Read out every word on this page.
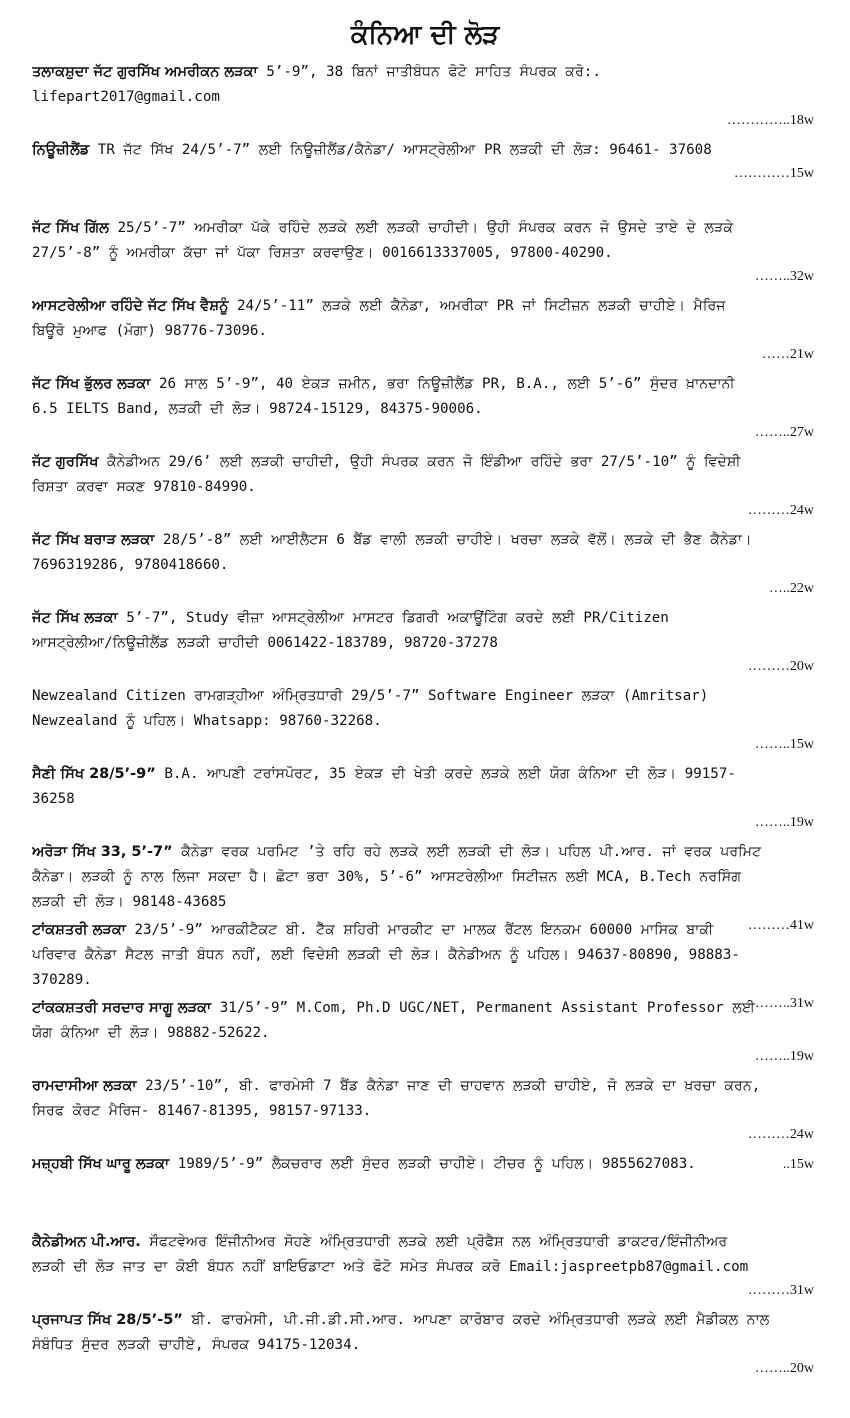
ਕੰਨਿਆ ਦੀ ਲੋੜ
ਤਲਾਕਸ਼ੁਦਾ ਜੱਟ ਗੁਰਸਿੱਖ ਅਮਰੀਕਨ ਲੜਕਾ 5’-9”, 38 ਬਿਨਾਂ ਜਾਤੀਬੰਧਨ ਫੋਟੋ ਸਾਹਿਤ ਸੰਪਰਕ ਕਰੋ:.
lifepart2017@gmail.com
…………..18w
ਨਿਊਜ਼ੀਲੈਂਡ TR ਜੱਟ ਸਿੱਖ 24/5’-7” ਲਈ ਨਿਊਜ਼ੀਲੈਂਡ/ਕੈਨੇਡਾ/ ਆਸਟ੍ਰੇਲੀਆ PR ਲੜਕੀ ਦੀ ਲੋੜ: 96461- 37608
…………15w
ਜੱਟ ਸਿੱਖ ਗਿੱਲ 25/5’-7” ਅਮਰੀਕਾ ਪੱਕੇ ਰਹਿੰਦੇ ਲੜਕੇ ਲਈ ਲੜਕੀ ਚਾਹੀਦੀ। ਉਹੀ ਸੰਪਰਕ ਕਰਨ ਜੋ ਉਸਦੇ ਤਾਏ ਦੇ ਲੜਕੇ
27/5’-8” ਨੂੰ ਅਮਰੀਕਾ ਕੱਚਾ ਜਾਂ ਪੱਕਾ ਰਿਸ਼ਤਾ ਕਰਵਾਉਣ। 0016613337005, 97800-40290.
……..32w
ਆਸਟਰੇਲੀਆ ਰਹਿੰਦੇ ਜੱਟ ਸਿੱਖ ਵੈਸ਼ਨੂੰ 24/5’-11” ਲੜਕੇ ਲਈ ਕੈਨੇਡਾ, ਅਮਰੀਕਾ PR ਜਾਂ ਸਿਟੀਜ਼ਨ ਲੜਕੀ ਚਾਹੀਏ। ਮੈਰਿਜ
ਬਿਊਰੋ ਮੁਆਫ (ਮੋਗਾ) 98776-73096.
……21w
ਜੱਟ ਸਿੱਖ ਭੁੱਲਰ ਲੜਕਾ 26 ਸਾਲ 5’-9”, 40 ਏਕੜ ਜ਼ਮੀਨ, ਭਰਾ ਨਿਊਜ਼ੀਲੈਂਡ PR, B.A., ਲਈ 5’-6” ਸੁੰਦਰ ਖ਼ਾਨਦਾਨੀ
6.5 IELTS Band, ਲੜਕੀ ਦੀ ਲੋੜ। 98724-15129, 84375-90006.
……..27w
ਜੱਟ ਗੁਰਸਿੱਖ ਕੈਨੇਡੀਅਨ 29/6’ ਲਈ ਲੜਕੀ ਚਾਹੀਦੀ, ਉਹੀ ਸੰਪਰਕ ਕਰਨ ਜੋ ਇੰਡੀਆ ਰਹਿੰਦੇ ਭਰਾ 27/5’-10” ਨੂੰ ਵਿਦੇਸ਼ੀ
ਰਿਸ਼ਤਾ ਕਰਵਾ ਸਕਣ 97810-84990.
………24w
ਜੱਟ ਸਿੱਖ ਬਰਾੜ ਲੜਕਾ 28/5’-8” ਲਈ ਆਈਲੈਟਸ 6 ਬੈਂਡ ਵਾਲੀ ਲੜਕੀ ਚਾਹੀਏ। ਖਰਚਾ ਲੜਕੇ ਵੱਲੋਂ। ਲੜਕੇ ਦੀ ਭੈਣ ਕੈਨੇਡਾ।
7696319286, 9780418660.
…..22w
ਜੱਟ ਸਿੱਖ ਲੜਕਾ 5’-7”, Study ਵੀਜ਼ਾ ਆਸਟ੍ਰੇਲੀਆ ਮਾਸਟਰ ਡਿਗਰੀ ਅਕਾਊਂਟਿੰਗ ਕਰਦੇ ਲਈ PR/Citizen
ਆਸਟ੍ਰੇਲੀਆ/ਨਿਊਜ਼ੀਲੈਂਡ ਲੜਕੀ ਚਾਹੀਦੀ 0061422-183789, 98720-37278
………20w
Newzealand Citizen ਰਾਮਗੜ੍ਹੀਆ ਅੰਮ੍ਰਿਤਧਾਰੀ 29/5’-7” Software Engineer ਲੜਕਾ (Amritsar)
Newzealand ਨੂੰ ਪਹਿਲ। Whatsapp: 98760-32268.
……..15w
ਸੈਣੀ ਸਿੱਖ 28/5’-9” B.A. ਆਪਣੀ ਟਰਾਂਸਪੋਰਟ, 35 ਏਕੜ ਦੀ ਖੇਤੀ ਕਰਦੇ ਲੜਕੇ ਲਈ ਯੋਗ ਕੰਨਿਆ ਦੀ ਲੋੜ। 99157-
36258
……..19w
ਅਰੋੜਾ ਸਿੱਖ 33, 5’-7” ਕੈਨੇਡਾ ਵਰਕ ਪਰਮਿਟ ’ਤੇ ਰਹਿ ਰਹੇ ਲੜਕੇ ਲਈ ਲੜਕੀ ਦੀ ਲੋੜ। ਪਹਿਲ ਪੀ.ਆਰ. ਜਾਂ ਵਰਕ ਪਰਮਿਟ
ਕੈਨੇਡਾ। ਲੜਕੀ ਨੂੰ ਨਾਲ ਲਿਜਾ ਸਕਦਾ ਹੈ। ਛੋਟਾ ਭਰਾ 30%, 5’-6” ਆਸਟਰੇਲੀਆ ਸਿਟੀਜ਼ਨ ਲਈ MCA, B.Tech ਨਰਸਿੰਗ
ਲੜਕੀ ਦੀ ਲੋੜ। 98148-43685
………41w
ਟਾਂਕਸ਼ਤਰੀ ਲੜਕਾ 23/5’-9” ਆਰਕੀਟੈਕਟ ਬੀ. ਟੈੱਕ ਸ਼ਹਿਰੀ ਮਾਰਕੀਟ ਦਾ ਮਾਲਕ ਰੈਂਟਲ ਇਨਕਮ 60000 ਮਾਸਿਕ ਬਾਕੀ
ਪਰਿਵਾਰ ਕੈਨੇਡਾ ਸੈਟਲ ਜਾਤੀ ਬੰਧਨ ਨਹੀਂ, ਲਈ ਵਿਦੇਸ਼ੀ ਲੜਕੀ ਦੀ ਲੋੜ। ਕੈਨੇਡੀਅਨ ਨੂੰ ਪਹਿਲ। 94637-80890, 98883-
370289.
……..31w
ਟਾਂਕਕਸ਼ਤਰੀ ਸਰਦਾਰ ਸਾਗੂ ਲੜਕਾ 31/5’-9” M.Com, Ph.D UGC/NET, Permanent Assistant Professor ਲਈ
ਯੋਗ ਕੰਨਿਆ ਦੀ ਲੋੜ। 98882-52622.
……..19w
ਰਾਮਦਾਸੀਆ ਲੜਕਾ 23/5’-10”, ਬੀ. ਫਾਰਮੇਸੀ 7 ਬੈਂਡ ਕੈਨੇਡਾ ਜਾਣ ਦੀ ਚਾਹਵਾਨ ਲੜਕੀ ਚਾਹੀਏ, ਜੋ ਲੜਕੇ ਦਾ ਖ਼ਰਚਾ ਕਰਨ,
ਸਿਰਫ ਕੋਰਟ ਮੈਰਿਜ- 81467-81395, 98157-97133.
………24w
..15w
ਮਜ਼੍ਹਬੀ ਸਿੱਖ ਘਾਰੂ ਲੜਕਾ 1989/5’-9” ਲੈਕਚਰਾਰ ਲਈ ਸੁੰਦਰ ਲੜਕੀ ਚਾਹੀਏ। ਟੀਚਰ ਨੂੰ ਪਹਿਲ। 9855627083.
ਕੈਨੇਡੀਅਨ ਪੀ.ਆਰ. ਸੌਫਟਵੇਅਰ ਇੰਜੀਨੀਅਰ ਸੋਹਣੇ ਅੰਮ੍ਰਿਤਧਾਰੀ ਲੜਕੇ ਲਈ ਪ੍ਰੋਫੈਸ਼ ਨਲ ਅੰਮ੍ਰਿਤਧਾਰੀ ਡਾਕਟਰ/ਇੰਜੀਨੀਅਰ
ਲੜਕੀ ਦੀ ਲੋੜ ਜਾਤ ਦਾ ਕੋਈ ਬੰਧਨ ਨਹੀਂ ਬਾਇਓਡਾਟਾ ਅਤੇ ਫੋਟੋ ਸਮੇਤ ਸੰਪਰਕ ਕਰੋ Email:jaspreetpb87@gmail.com
………31w
ਪ੍ਰਜਾਪਤ ਸਿੱਖ 28/5’-5” ਬੀ. ਫਾਰਮੇਸੀ, ਪੀ.ਜੀ.ਡੀ.ਸੀ.ਆਰ. ਆਪਣਾ ਕਾਰੋਬਾਰ ਕਰਦੇ ਅੰਮ੍ਰਿਤਧਾਰੀ ਲੜਕੇ ਲਈ ਮੈਡੀਕਲ ਨਾਲ
ਸੰਬੰਧਿਤ ਸੁੰਦਰ ਲੜਕੀ ਚਾਹੀਏ, ਸੰਪਰਕ 94175-12034.
……..20w
